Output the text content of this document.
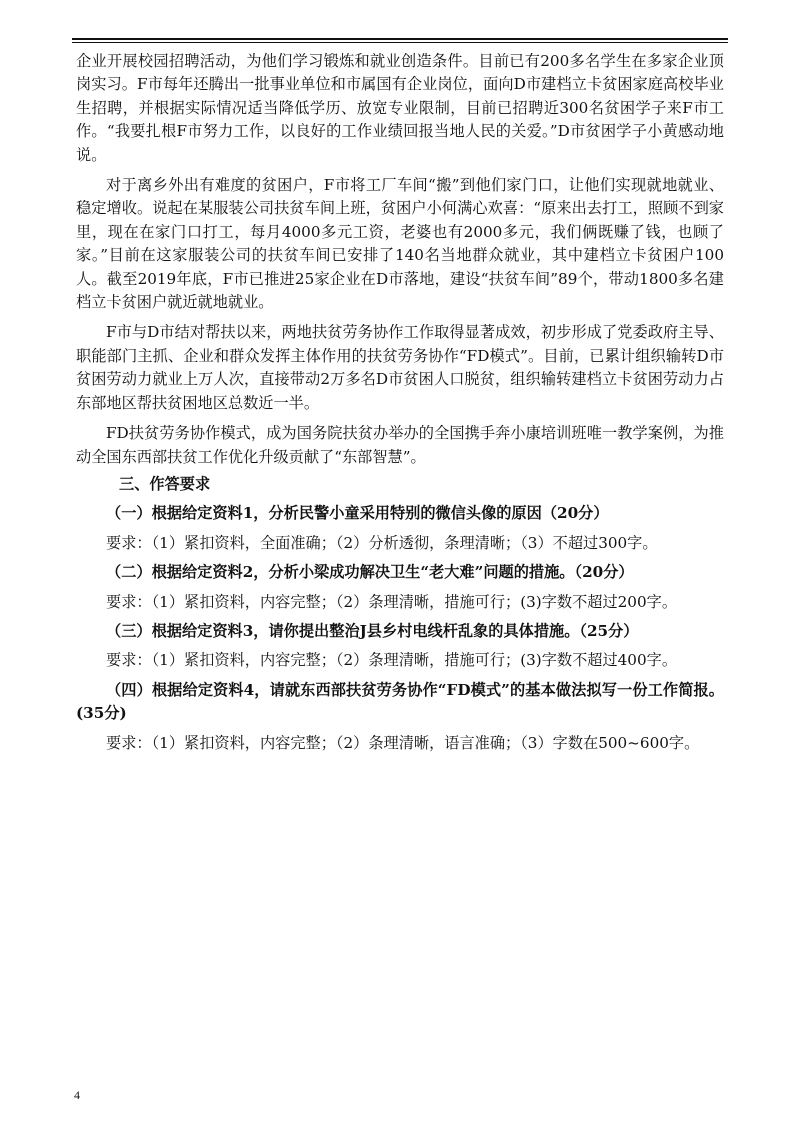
企业开展校园招聘活动，为他们学习锻炼和就业创造条件。目前已有200多名学生在多家企业顶岗实习。F市每年还腾出一批事业单位和市属国有企业岗位，面向D市建档立卡贫困家庭高校毕业生招聘，并根据实际情况适当降低学历、放宽专业限制，目前已招聘近300名贫困学子来F市工作。“我要扎根F市努力工作，以良好的工作业绩回报当地人民的关爱。”D市贫困学子小黄感动地说。

对于离乡外出有难度的贫困户，F市将工厂车间“搬”到他们家门口，让他们实现就地就业、稳定增收。说起在某服装公司扶贫车间上班，贫困户小何满心欢喜：“原来出去打工，照顾不到家里，现在在家门口打工，每月4000多元工资，老婆也有2000多元，我们俩既赚了钱，也顾了家。”目前在这家服装公司的扶贫车间已安排了140名当地群众就业，其中建档立卡贫困户100人。截至2019年底，F市已推进25家企业在D市落地，建设“扶贫车间”89个，带动1800多名建档立卡贫困户就近就地就业。

F市与D市结对帮扶以来，两地扶贫劳务协作工作取得显著成效，初步形成了党委政府主导、职能部门主抓、企业和群众发挥主体作用的扶贫劳务协作“FD模式”。目前，已累计组织输转D市贫困劳动力就业上万人次，直接带动2万多名D市贫困人口脱贫，组织输转建档立卡贫困劳动力占东部地区帮扶贫困地区总数近一半。

FD扶贫劳务协作模式，成为国务院扶贫办举办的全国携手奔小康培训班唯一教学案例，为推动全国东西部扶贫工作优化升级贡献了“东部智慧”。

三、作答要求

（一）根据给定资料1，分析民警小童采用特别的微信头像的原因（20分）

要求：（1）紧扣资料，全面准确；（2）分析透彻，条理清晰；（3）不超过300字。

（二）根据给定资料2，分析小梁成功解决卫生“老大难”问题的措施。（20分）

要求：（1）紧扣资料，内容完整；（2）条理清晰，措施可行；(3)字数不超过200字。

（三）根据给定资料3，请你提出整治J县乡村电线杆乱象的具体措施。（25分）

要求：（1）紧扣资料，内容完整；（2）条理清晰，措施可行；(3)字数不超过400字。

（四）根据给定资料4，请就东西部扶贫劳务协作“FD模式”的基本做法拟写一份工作简报。(35分)

要求：（1）紧扣资料，内容完整；（2）条理清晰，语言准确；（3）字数在500~600字。

4
